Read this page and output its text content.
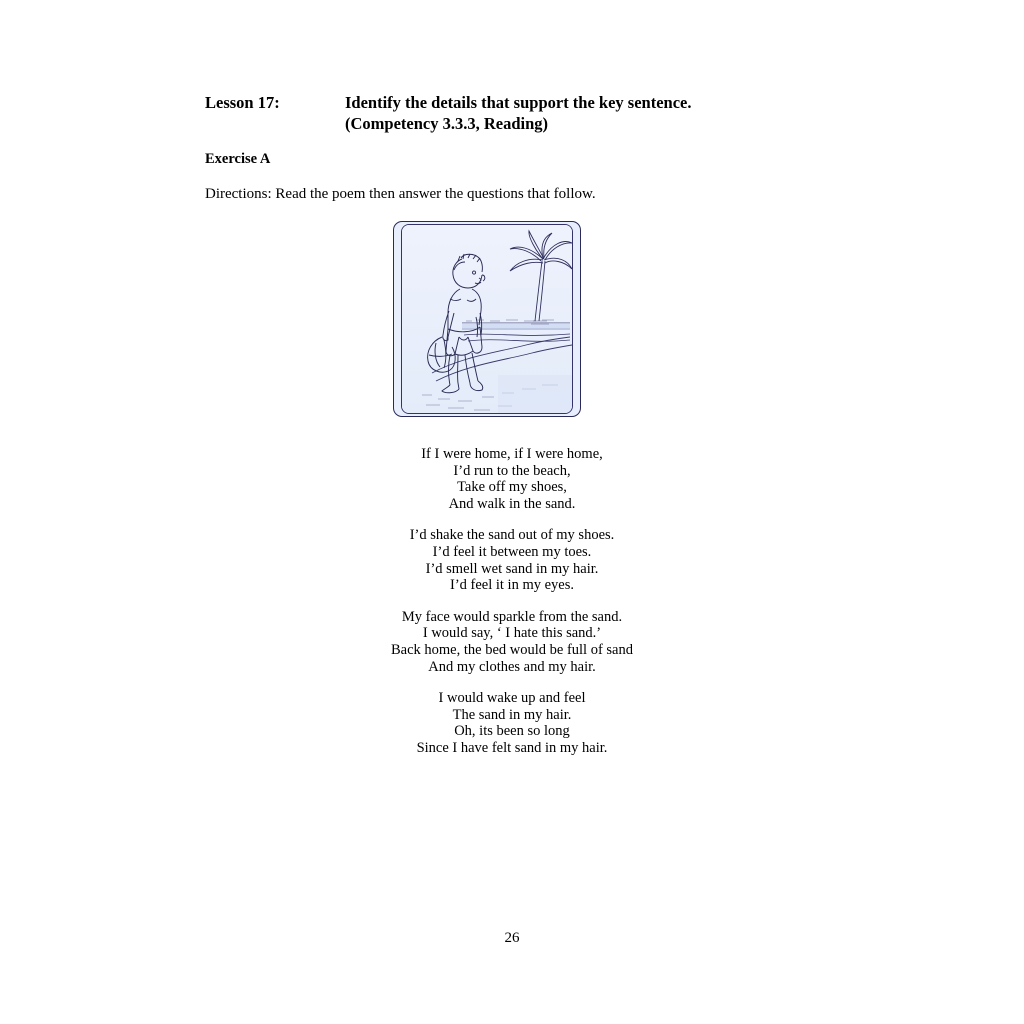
Lesson 17:	Identify the details that support the key sentence.
(Competency 3.3.3, Reading)
Exercise A
Directions: Read the poem then answer the questions that follow.
If I were home, if I were home,
I’d run to the beach,
Take off my shoes,
And walk in the sand.
I’d shake the sand out of my shoes.
I’d feel it between my toes.
I’d smell wet sand in my hair.
I’d feel it in my eyes.
My face would sparkle from the sand.
I would say, ‘ I hate this sand.’
Back home, the bed would be full of sand
And my clothes and my hair.
I would wake up and feel
The sand in my hair.
Oh, its been so long
Since I have felt sand in my hair.
26
